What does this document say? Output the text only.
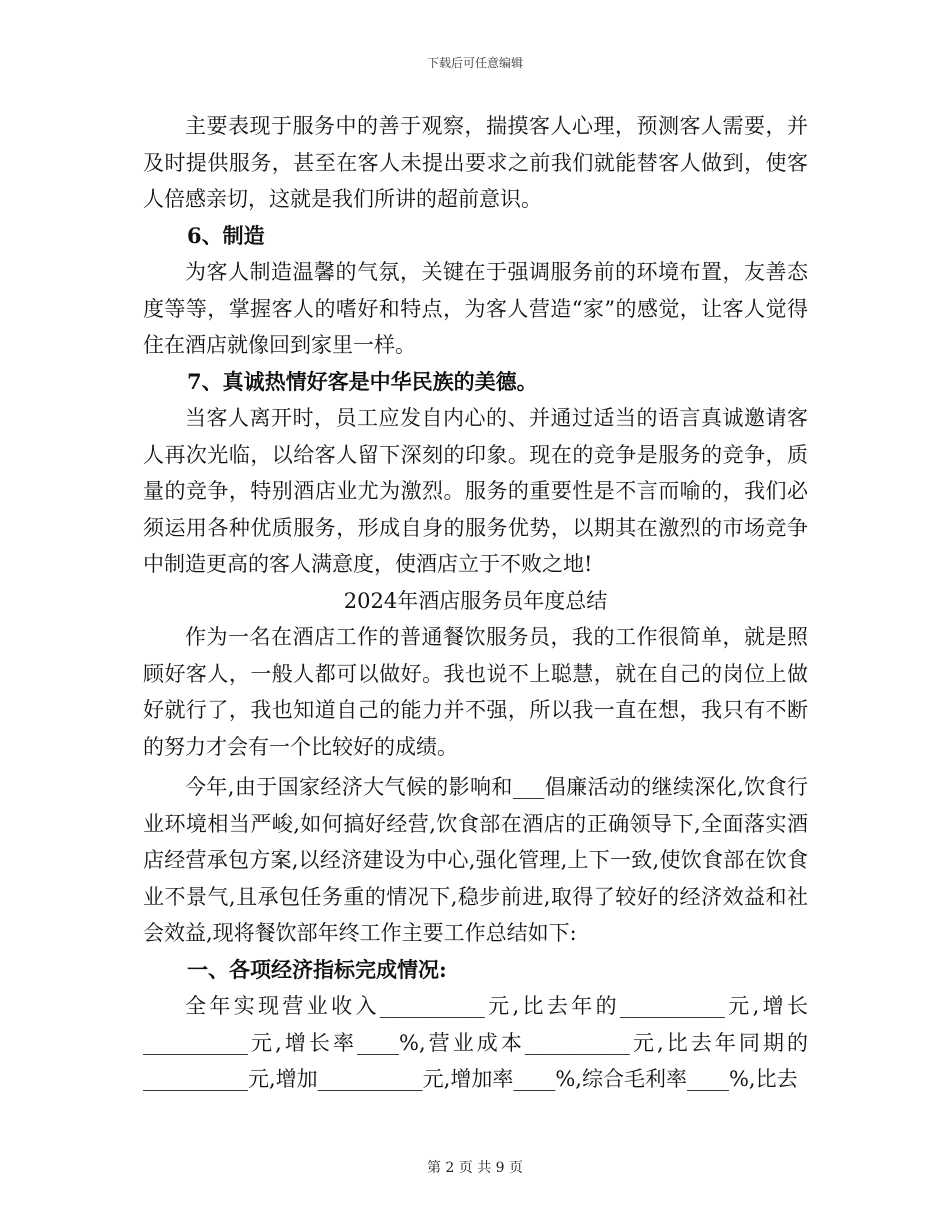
下载后可任意编辑

主要表现于服务中的善于观察，揣摸客人心理，预测客人需要，并及时提供服务，甚至在客人未提出要求之前我们就能替客人做到，使客人倍感亲切，这就是我们所讲的超前意识。

6、制造

为客人制造温馨的气氛，关键在于强调服务前的环境布置，友善态度等等，掌握客人的嗜好和特点，为客人营造“家”的感觉，让客人觉得住在酒店就像回到家里一样。

7、真诚热情好客是中华民族的美德。

当客人离开时，员工应发自内心的、并通过适当的语言真诚邀请客人再次光临，以给客人留下深刻的印象。现在的竞争是服务的竞争，质量的竞争，特别酒店业尤为激烈。服务的重要性是不言而喻的，我们必须运用各种优质服务，形成自身的服务优势，以期其在激烈的市场竞争中制造更高的客人满意度，使酒店立于不败之地!

2024年酒店服务员年度总结

作为一名在酒店工作的普通餐饮服务员，我的工作很简单，就是照顾好客人，一般人都可以做好。我也说不上聪慧，就在自己的岗位上做好就行了，我也知道自己的能力并不强，所以我一直在想，我只有不断的努力才会有一个比较好的成绩。

今年,由于国家经济大气候的影响和___倡廉活动的继续深化,饮食行业环境相当严峻,如何搞好经营,饮食部在酒店的正确领导下,全面落实酒店经营承包方案,以经济建设为中心,强化管理,上下一致,使饮食部在饮食业不景气,且承包任务重的情况下,稳步前进,取得了较好的经济效益和社会效益,现将餐饮部年终工作主要工作总结如下:

一、各项经济指标完成情况:

全年实现营业收入__________元,比去年的__________元,增长__________元,增长率____%,营业成本__________元,比去年同期的__________元,增加__________元,增加率____%,综合毛利率____%,比去

第 2 页 共 9 页
